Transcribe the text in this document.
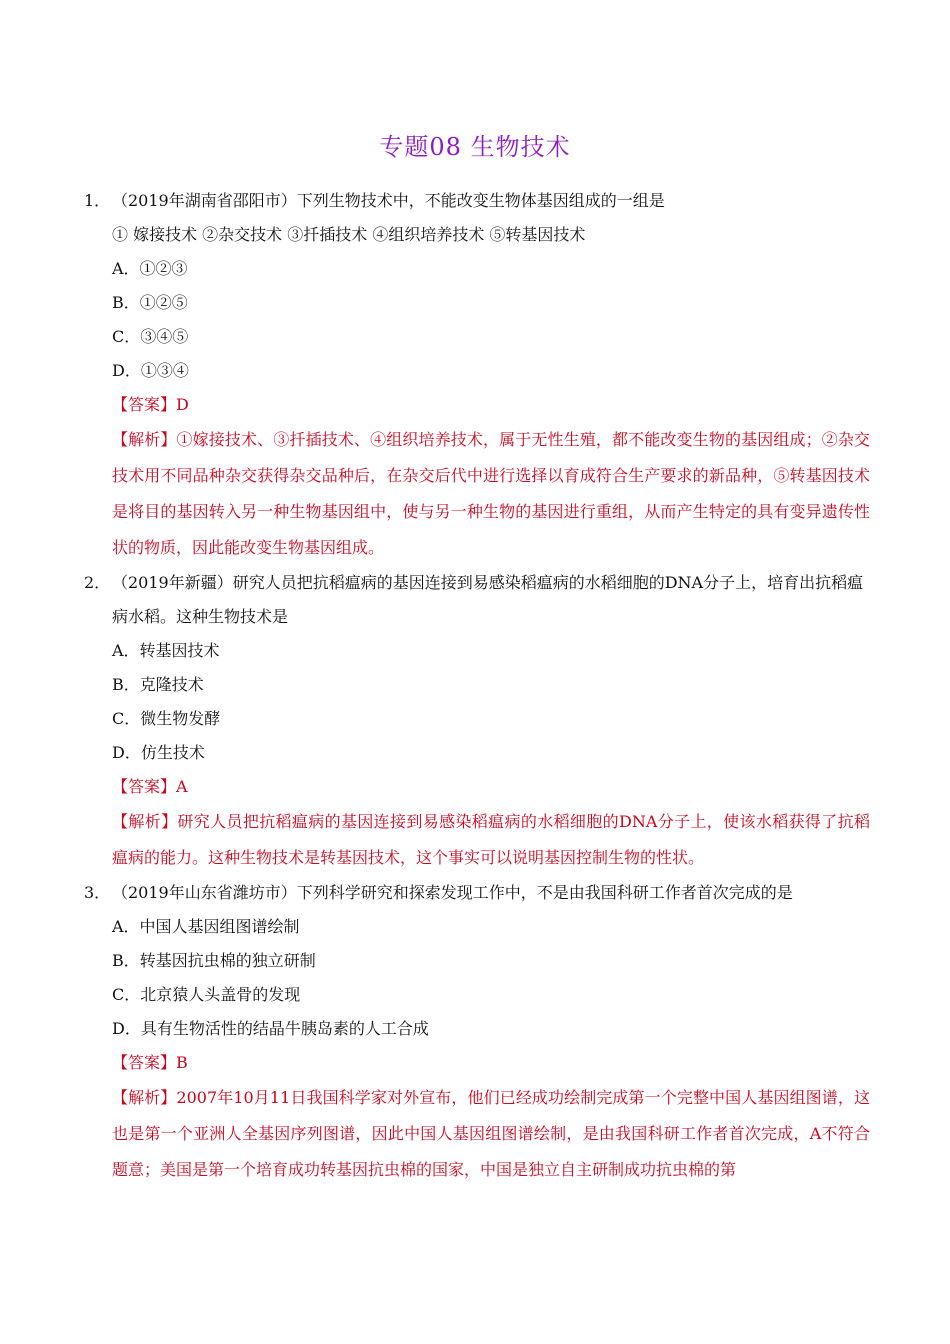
专题08 生物技术
1． （2019年湖南省邵阳市）下列生物技术中，不能改变生物体基因组成的一组是
① 嫁接技术 ②杂交技术 ③扦插技术 ④组织培养技术 ⑤转基因技术
A．①②③
B．①②⑤
C．③④⑤
D．①③④
【答案】D
【解析】①嫁接技术、③扦插技术、④组织培养技术，属于无性生殖，都不能改变生物的基因组成；②杂交技术用不同品种杂交获得杂交品种后，在杂交后代中进行选择以育成符合生产要求的新品种，⑤转基因技术是将目的基因转入另一种生物基因组中，使与另一种生物的基因进行重组，从而产生特定的具有变异遗传性状的物质，因此能改变生物基因组成。
2． （2019年新疆）研究人员把抗稻瘟病的基因连接到易感染稻瘟病的水稻细胞的DNA分子上，培育出抗稻瘟病水稻。这种生物技术是
A．转基因技术
B．克隆技术
C．微生物发酵
D．仿生技术
【答案】A
【解析】研究人员把抗稻瘟病的基因连接到易感染稻瘟病的水稻细胞的DNA分子上，使该水稻获得了抗稻瘟病的能力。这种生物技术是转基因技术，这个事实可以说明基因控制生物的性状。
3． （2019年山东省潍坊市）下列科学研究和探索发现工作中，不是由我国科研工作者首次完成的是
A．中国人基因组图谱绘制
B．转基因抗虫棉的独立研制
C．北京猿人头盖骨的发现
D．具有生物活性的结晶牛胰岛素的人工合成
【答案】B
【解析】2007年10月11日我国科学家对外宣布，他们已经成功绘制完成第一个完整中国人基因组图谱，这也是第一个亚洲人全基因序列图谱，因此中国人基因组图谱绘制，是由我国科研工作者首次完成，A不符合题意；美国是第一个培育成功转基因抗虫棉的国家，中国是独立自主研制成功抗虫棉的第
